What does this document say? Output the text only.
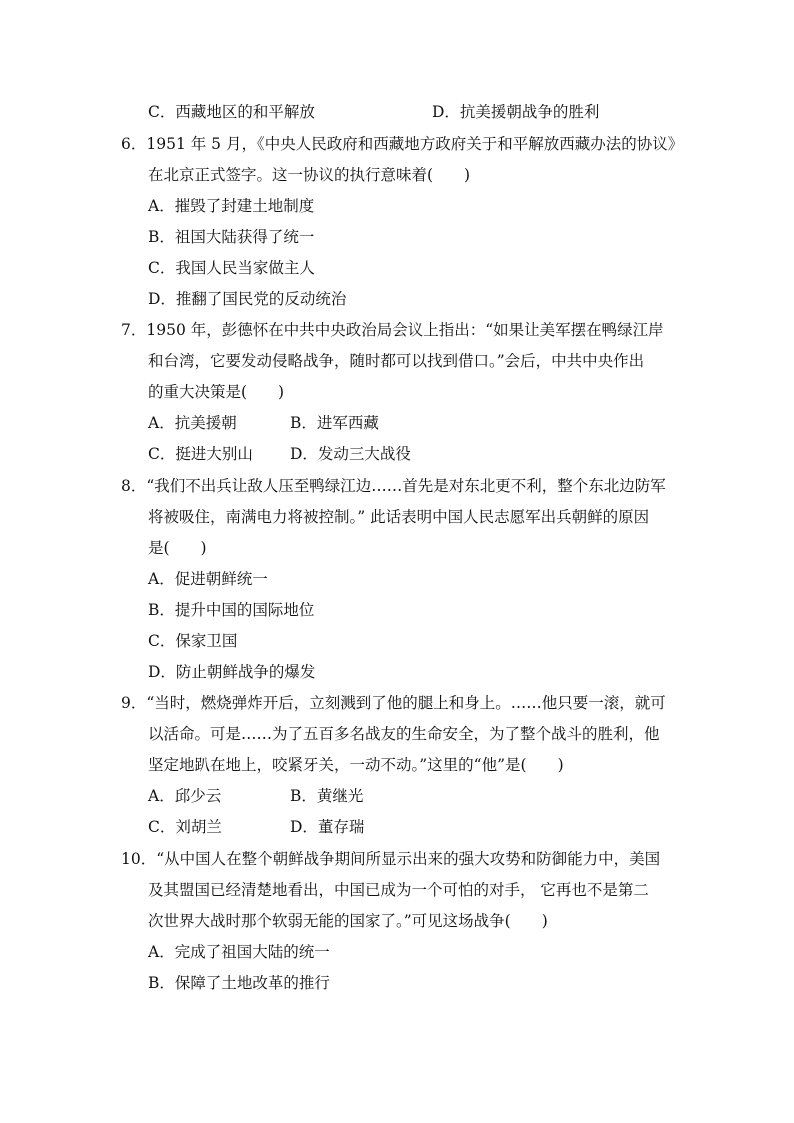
C．西藏地区的和平解放	D．抗美援朝战争的胜利
6．1951 年 5 月，《中央人民政府和西藏地方政府关于和平解放西藏办法的协议》
在北京正式签字。这一协议的执行意味着(　　)
A．摧毁了封建土地制度
B．祖国大陆获得了统一
C．我国人民当家做主人
D．推翻了国民党的反动统治
7．1950 年，彭德怀在中共中央政治局会议上指出：“如果让美军摆在鸭绿江岸
和台湾，它要发动侵略战争，随时都可以找到借口。”会后，中共中央作出
的重大决策是(　　)
A．抗美援朝	B．进军西藏
C．挺进大别山 D．发动三大战役
8．“我们不出兵让敌人压至鸭绿江边……首先是对东北更不利，整个东北边防军
将被吸住，南满电力将被控制。” 此话表明中国人民志愿军出兵朝鲜的原因
是(　　)
A．促进朝鲜统一
B．提升中国的国际地位
C．保家卫国
D．防止朝鲜战争的爆发
9．“当时，燃烧弹炸开后，立刻溅到了他的腿上和身上。……他只要一滚，就可
以活命。可是……为了五百多名战友的生命安全，为了整个战斗的胜利，他
坚定地趴在地上，咬紧牙关，一动不动。”这里的“他”是(　　)
A．邱少云	B．黄继光
C．刘胡兰	D．董存瑞
10．“从中国人在整个朝鲜战争期间所显示出来的强大攻势和防御能力中，美国
及其盟国已经清楚地看出，中国已成为一个可怕的对手， 它再也不是第二
次世界大战时那个软弱无能的国家了。”可见这场战争(　　)
A．完成了祖国大陆的统一
B．保障了土地改革的推行
